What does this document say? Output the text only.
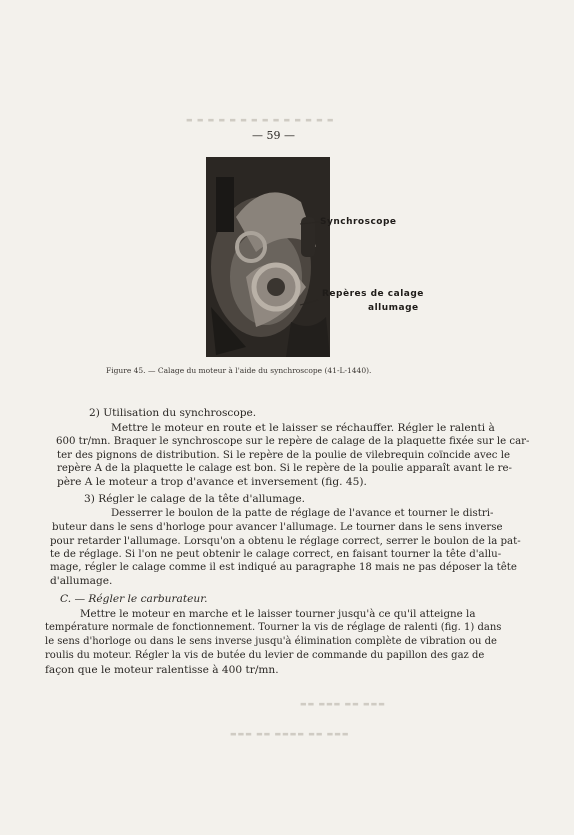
▬ ▬ ▬ ▬ ▬ ▬ ▬ ▬ ▬ ▬ ▬ ▬ ▬ ▬
— 59 —
Synchroscope
Repères de calage
allumage
Figure 45. — Calage du moteur à l'aide du synchroscope (41-L-1440).
2) Utilisation du synchroscope.
Mettre le moteur en route et le laisser se réchauffer. Régler le ralenti à
600 tr/mn. Braquer le synchroscope sur le repère de calage de la plaquette fixée sur le car-
ter des pignons de distribution. Si le repère de la poulie de vilebrequin coïncide avec le
repère A de la plaquette le calage est bon. Si le repère de la poulie apparaît avant le re-
père A le moteur a trop d'avance et inversement (fig. 45).
3) Régler le calage de la tête d'allumage.
Desserrer le boulon de la patte de réglage de l'avance et tourner le distri-
buteur dans le sens d'horloge pour avancer l'allumage. Le tourner dans le sens inverse
pour retarder l'allumage. Lorsqu'on a obtenu le réglage correct, serrer le boulon de la pat-
te de réglage. Si l'on ne peut obtenir le calage correct, en faisant tourner la tête d'allu-
mage, régler le calage comme il est indiqué au paragraphe 18 mais ne pas déposer la tête
d'allumage.
C. — Régler le carburateur.
Mettre le moteur en marche et le laisser tourner jusqu'à ce qu'il atteigne la
température normale de fonctionnement. Tourner la vis de réglage de ralenti (fig. 1) dans
le sens d'horloge ou dans le sens inverse jusqu'à élimination complète de vibration ou de
roulis du moteur. Régler la vis de butée du levier de commande du papillon des gaz de
façon que le moteur ralentisse à 400 tr/mn.
▬▬ ▬▬▬ ▬▬ ▬▬▬
▬▬▬ ▬▬ ▬▬▬▬ ▬▬ ▬▬▬
